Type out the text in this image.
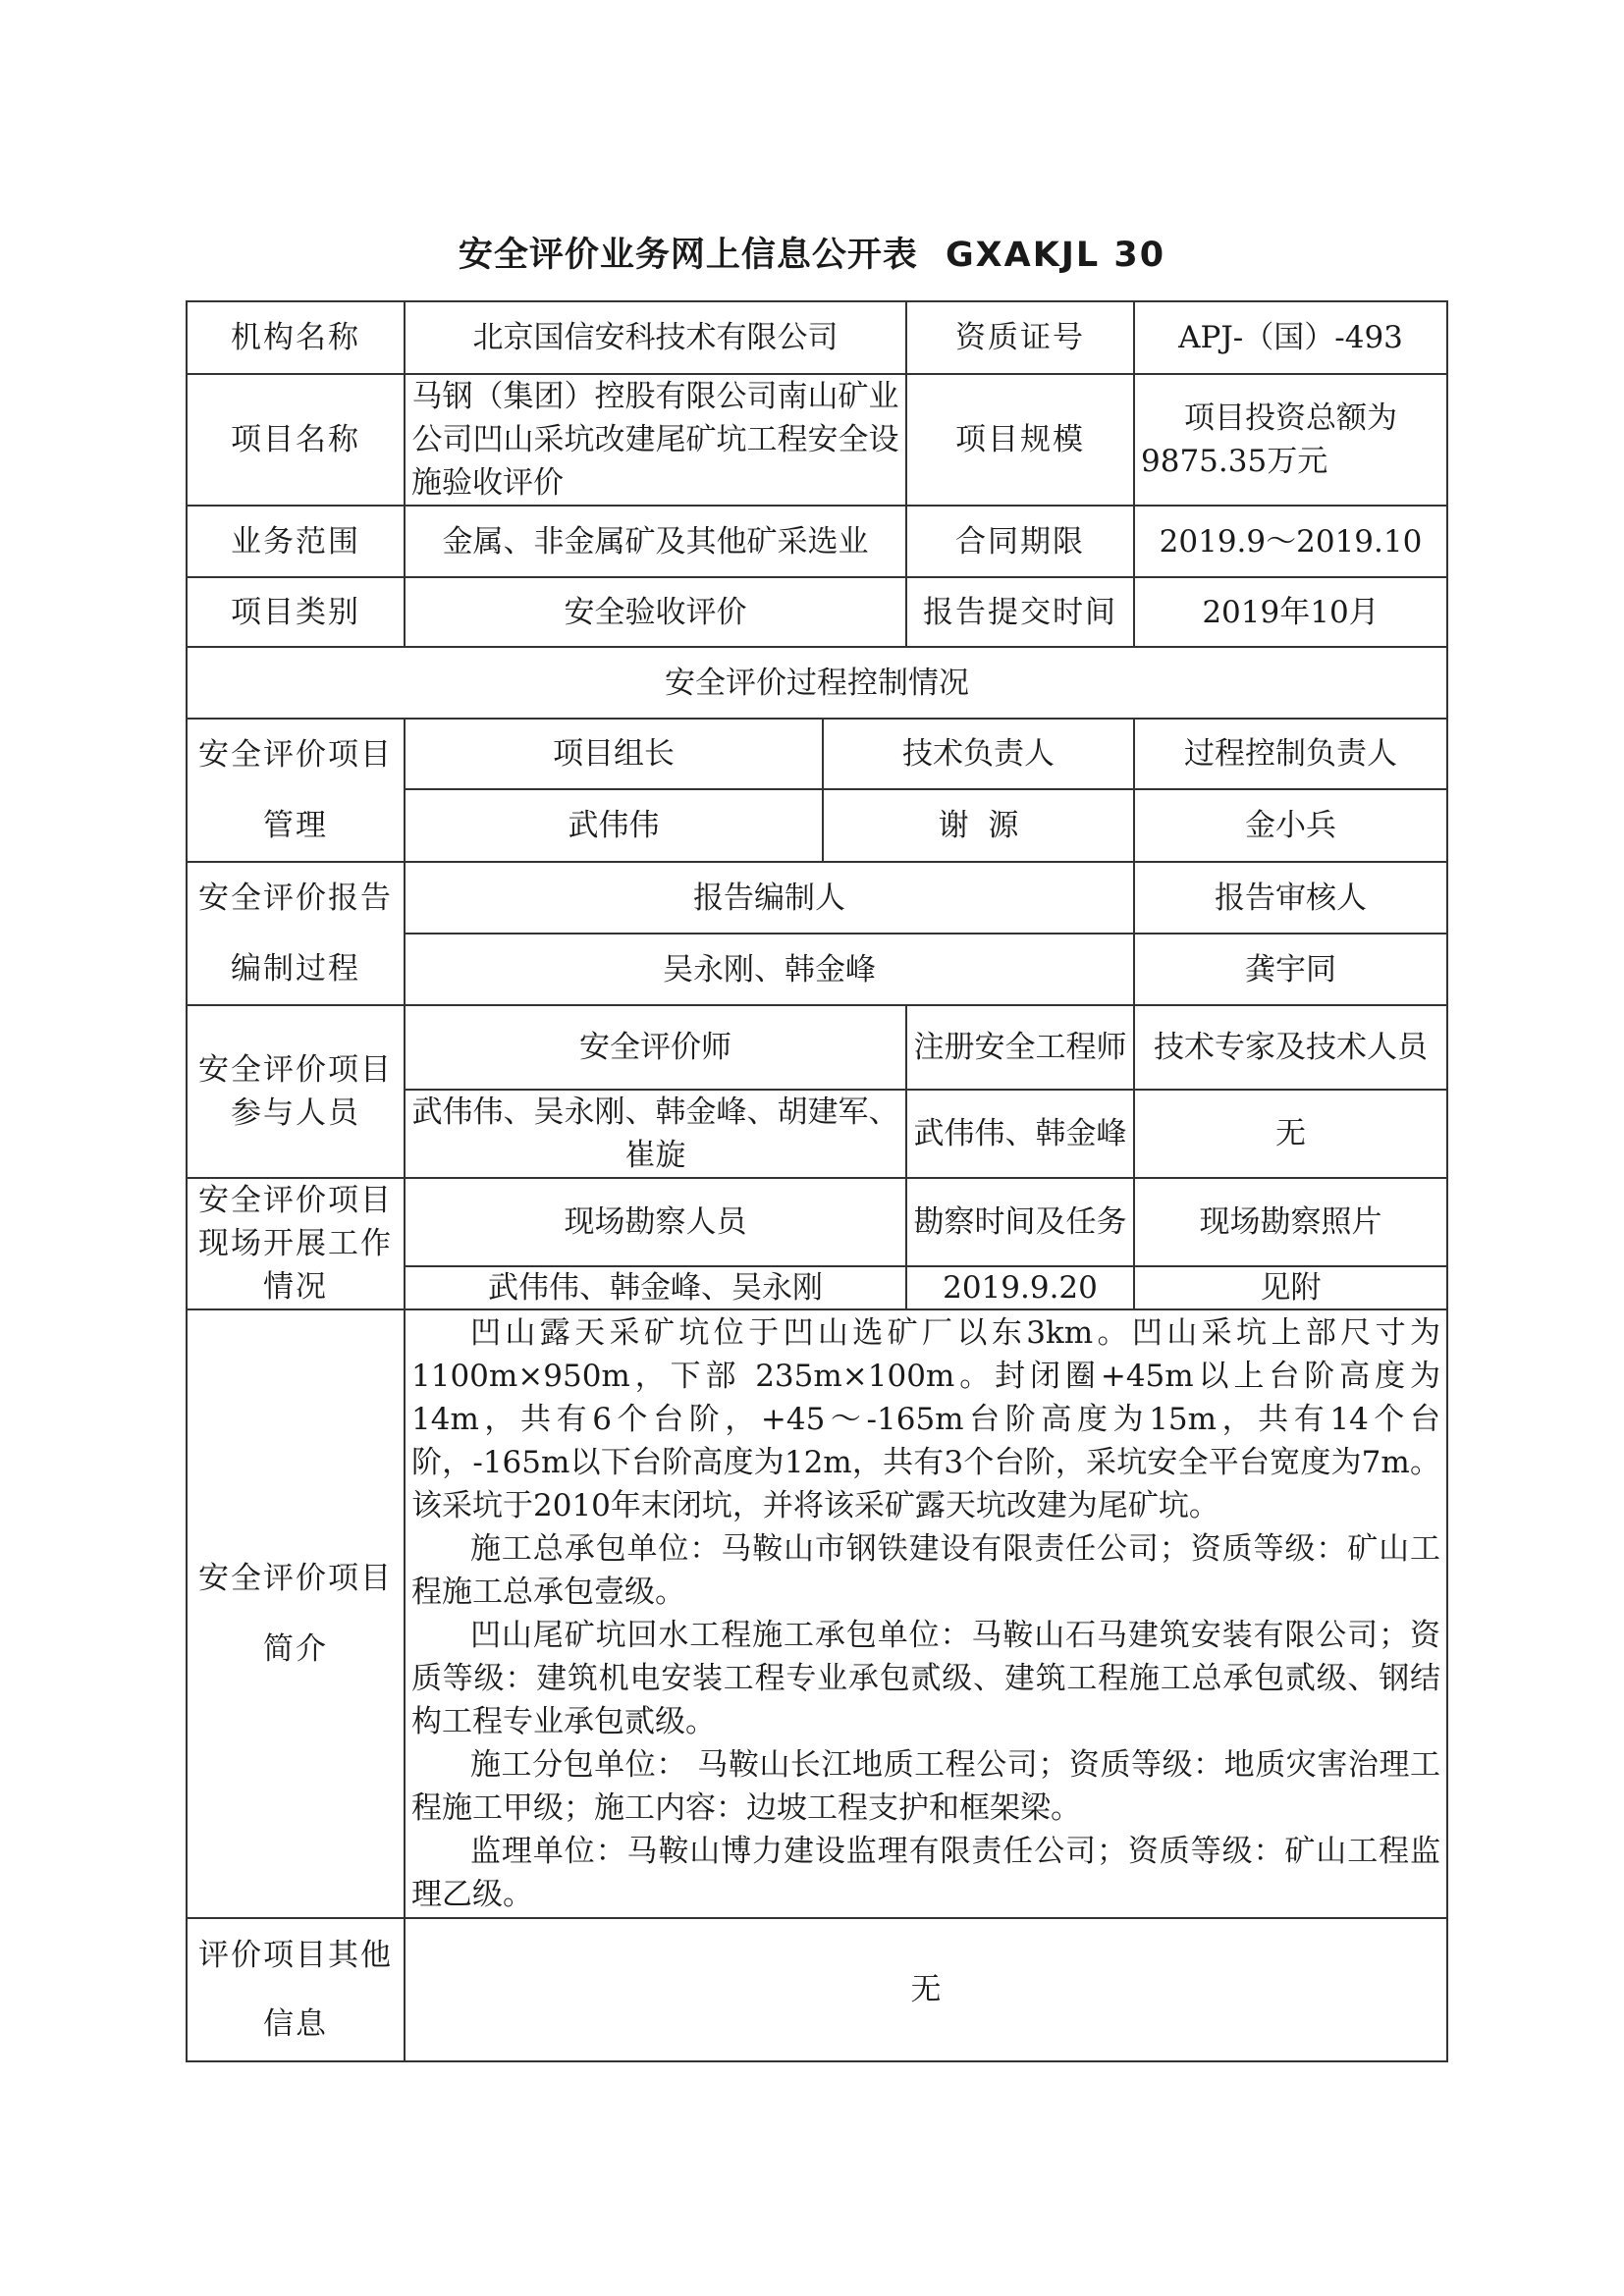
安全评价业务网上信息公开表 GXAKJL 30
机构名称	北京国信安科技术有限公司		资质证号	APJ-（国）-493
项目名称	马钢（集团）控股有限公司南山矿业公司凹山采坑改建尾矿坑工程安全设施验收评价		项目规模	项目投资总额为9875.35万元
业务范围	金属、非金属矿及其他矿采选业		合同期限	2019.9～2019.10
项目类别	安全验收评价		报告提交时间	2019年10月
安全评价过程控制情况				
安全评价项目管理	项目组长	技术负责人		过程控制负责人
	武伟伟	谢  源		金小兵
安全评价报告编制过程	报告编制人			报告审核人
	吴永刚、韩金峰			龚宇同
安全评价项目参与人员	安全评价师		注册安全工程师	技术专家及技术人员
	武伟伟、吴永刚、韩金峰、胡建军、崔旋		武伟伟、韩金峰	无
安全评价项目现场开展工作情况	现场勘察人员		勘察时间及任务	现场勘察照片
	武伟伟、韩金峰、吴永刚		2019.9.20	见附
安全评价项目简介	凹山露天采矿坑位于凹山选矿厂以东3km。凹山采坑上部尺寸为1100m×950m，下部 235m×100m。封闭圈+45m以上台阶高度为14m，共有6个台阶，+45～-165m台阶高度为15m，共有14个台阶，-165m以下台阶高度为12m，共有3个台阶，采坑安全平台宽度为7m。该采坑于2010年末闭坑，并将该采矿露天坑改建为尾矿坑。

施工总承包单位：马鞍山市钢铁建设有限责任公司；资质等级：矿山工程施工总承包壹级。

凹山尾矿坑回水工程施工承包单位：马鞍山石马建筑安装有限公司；资质等级：建筑机电安装工程专业承包贰级、建筑工程施工总承包贰级、钢结构工程专业承包贰级。

施工分包单位： 马鞍山长江地质工程公司；资质等级：地质灾害治理工程施工甲级；施工内容：边坡工程支护和框架梁。

监理单位：马鞍山博力建设监理有限责任公司；资质等级：矿山工程监理乙级。			

评价项目其他信息	无			
